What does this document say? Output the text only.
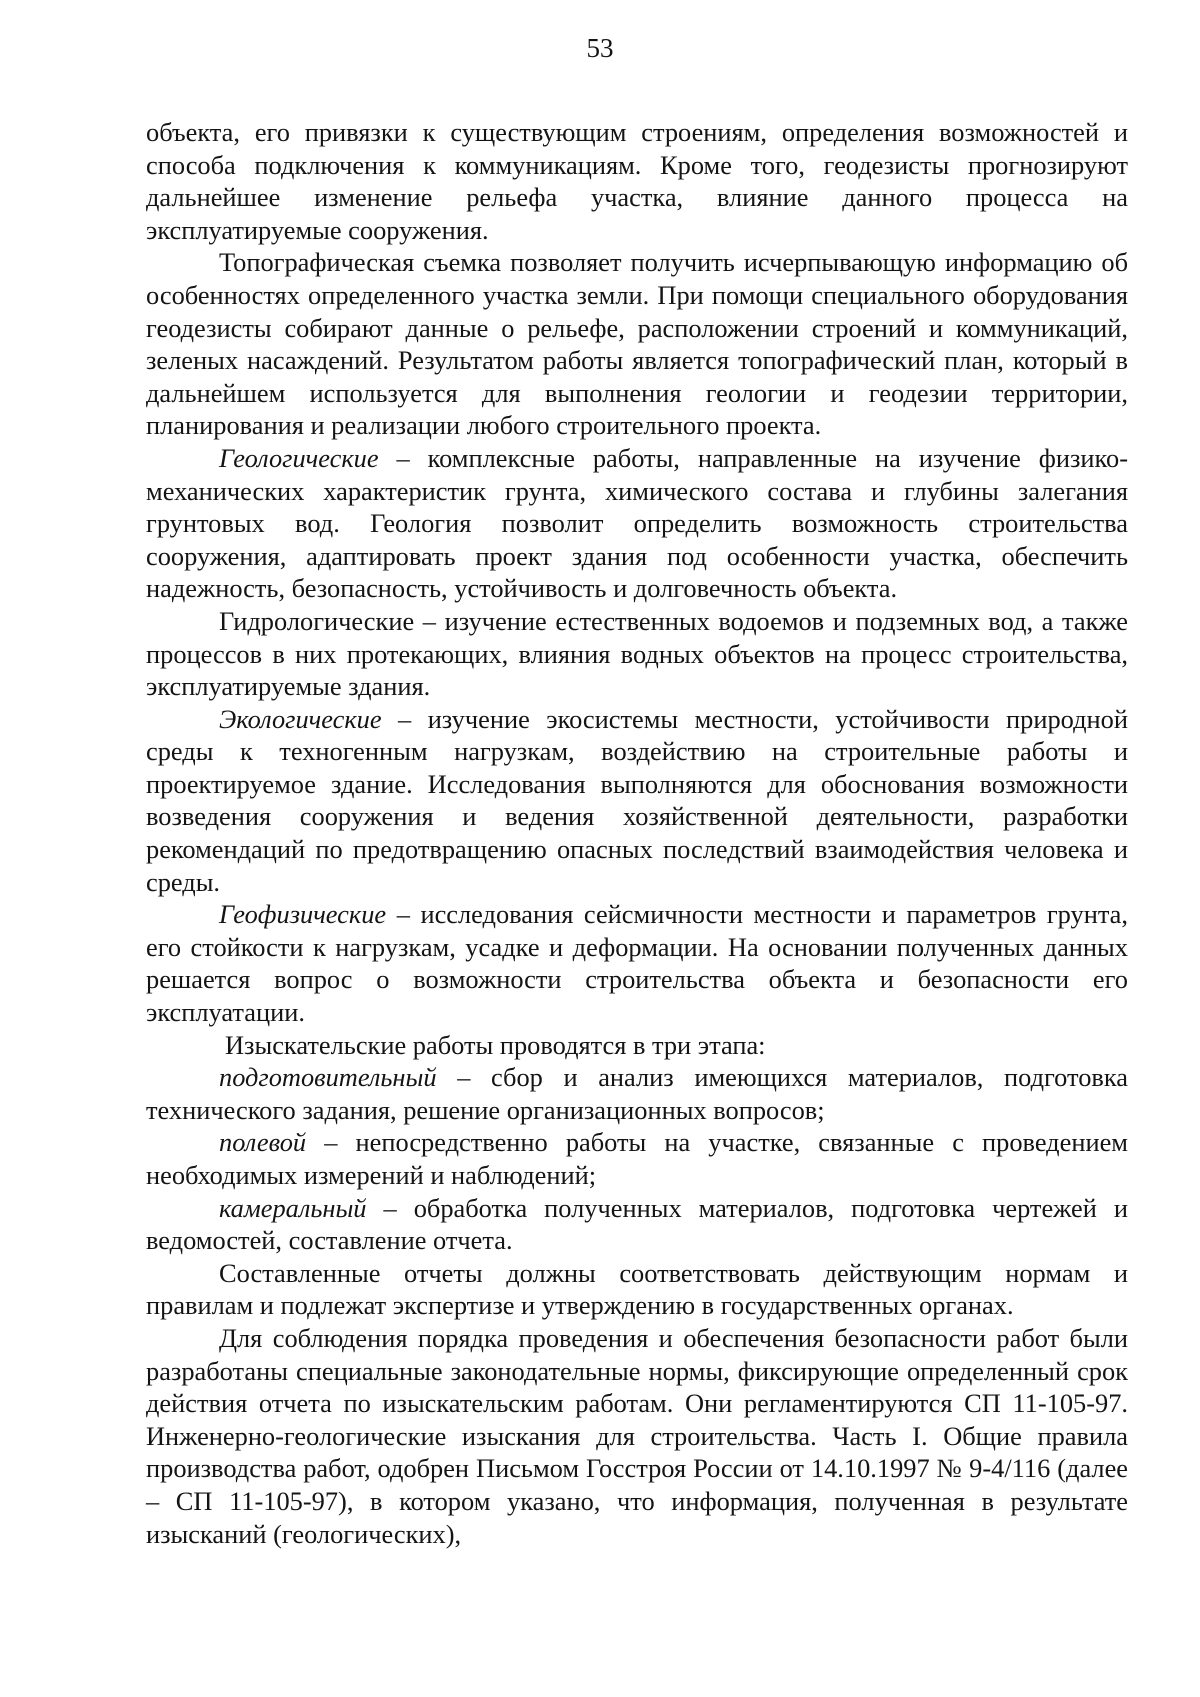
53

объекта, его привязки к существующим строениям, определения возможностей и способа подключения к коммуникациям. Кроме того, геодезисты прогнозируют дальнейшее изменение рельефа участка, влияние данного процесса на эксплуатируемые сооружения.

Топографическая съемка позволяет получить исчерпывающую информацию об особенностях определенного участка земли. При помощи специального оборудования геодезисты собирают данные о рельефе, расположении строений и коммуникаций, зеленых насаждений. Результатом работы является топографический план, который в дальнейшем используется для выполнения геологии и геодезии территории, планирования и реализации любого строительного проекта.

Геологические – комплексные работы, направленные на изучение физико-механических характеристик грунта, химического состава и глубины залегания грунтовых вод. Геология позволит определить возможность строительства сооружения, адаптировать проект здания под особенности участка, обеспечить надежность, безопасность, устойчивость и долговечность объекта.

Гидрологические – изучение естественных водоемов и подземных вод, а также процессов в них протекающих, влияния водных объектов на процесс строительства, эксплуатируемые здания.

Экологические – изучение экосистемы местности, устойчивости природной среды к техногенным нагрузкам, воздействию на строительные работы и проектируемое здание. Исследования выполняются для обоснования возможности возведения сооружения и ведения хозяйственной деятельности, разработки рекомендаций по предотвращению опасных последствий взаимодействия человека и среды.

Геофизические – исследования сейсмичности местности и параметров грунта, его стойкости к нагрузкам, усадке и деформации. На основании полученных данных решается вопрос о возможности строительства объекта и безопасности его эксплуатации.

Изыскательские работы проводятся в три этапа:

подготовительный – сбор и анализ имеющихся материалов, подготовка технического задания, решение организационных вопросов;

полевой – непосредственно работы на участке, связанные с проведением необходимых измерений и наблюдений;

камеральный – обработка полученных материалов, подготовка чертежей и ведомостей, составление отчета.

Составленные отчеты должны соответствовать действующим нормам и правилам и подлежат экспертизе и утверждению в государственных органах.

Для соблюдения порядка проведения и обеспечения безопасности работ были разработаны специальные законодательные нормы, фиксирующие определенный срок действия отчета по изыскательским работам. Они регламентируются СП 11-105-97. Инженерно-геологические изыскания для строительства. Часть I. Общие правила производства работ, одобрен Письмом Госстроя России от 14.10.1997 № 9-4/116 (далее – СП 11-105-97), в котором указано, что информация, полученная в результате изысканий (геологических),
